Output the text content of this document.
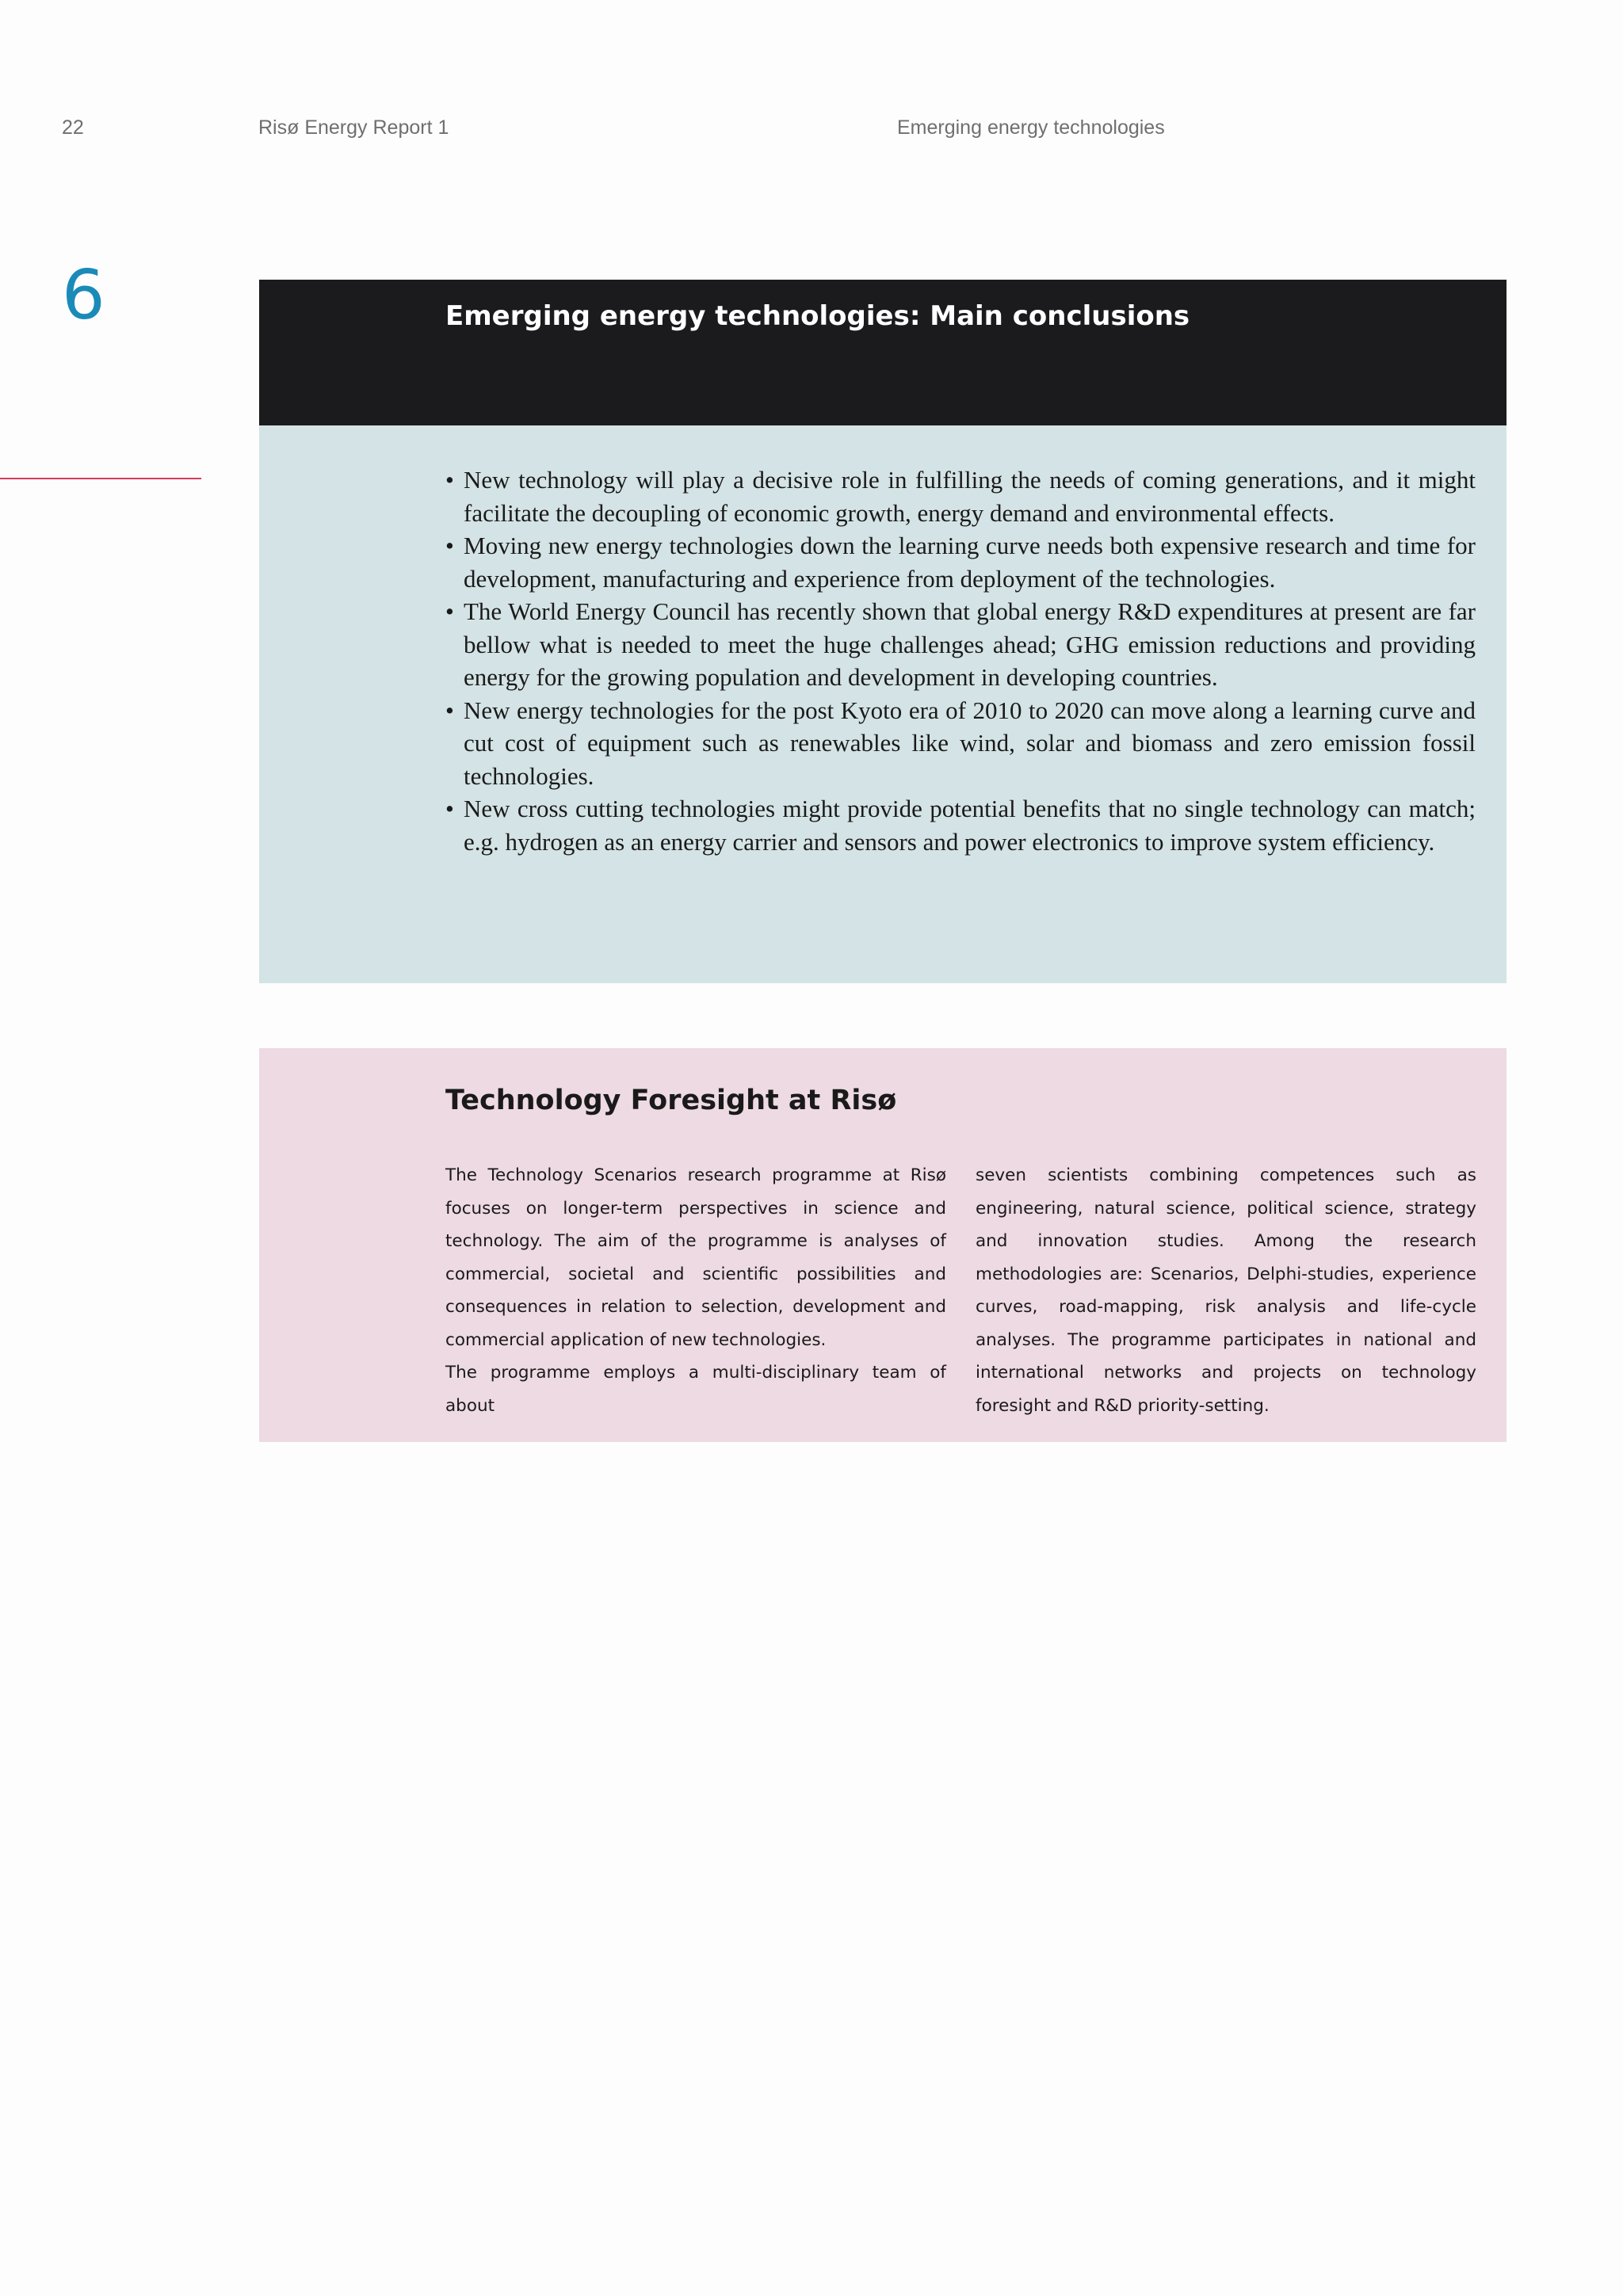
22	Risø Energy Report 1	Emerging energy technologies
6	Emerging energy technologies: Main conclusions
• New technology will play a decisive role in fulfilling the needs of coming generations, and it might facilitate the decoupling of economic growth, energy demand and environmental effects.
• Moving new energy technologies down the learning curve needs both expensive research and time for development, manufacturing and experience from deployment of the technologies.
• The World Energy Council has recently shown that global energy R&D expenditures at present are far bellow what is needed to meet the huge challenges ahead; GHG emission reductions and providing energy for the growing population and development in developing countries.
• New energy technologies for the post Kyoto era of 2010 to 2020 can move along a learning curve and cut cost of equipment such as renewables like wind, solar and biomass and zero emission fossil technologies.
• New cross cutting technologies might provide potential benefits that no single technology can match; e.g. hydrogen as an energy carrier and sensors and power electronics to improve system efficiency.
Technology Foresight at Risø

The Technology Scenarios research programme at Risø focuses on longer-term perspectives in science and technology. The aim of the programme is analyses of commercial, societal and scientific possibilities and consequences in relation to selection, development and commercial application of new technologies.

The programme employs a multi-disciplinary team of about

seven scientists combining competences such as engineering, natural science, political science, strategy and innovation studies. Among the research methodologies are: Scenarios, Delphi-studies, experience curves, road-mapping, risk analysis and life-cycle analyses. The programme participates in national and international networks and projects on technology foresight and R&D priority-setting.
